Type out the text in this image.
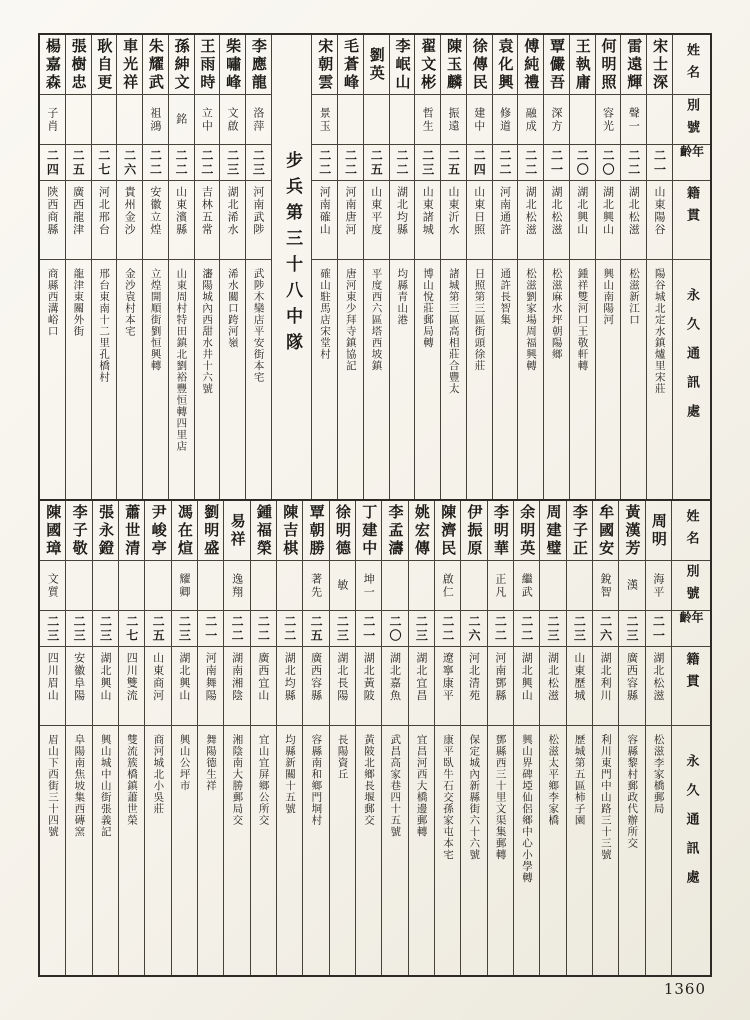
姓名
別號
年齡
籍貫
永久通訊處
宋士深
二一
山東陽谷
陽谷城北定水鎮爐里宋莊
雷遠輝
聲一
二二
湖北松滋
松滋新江口
何明照
容光
二〇
湖北興山
興山南陽河
王執庸
二〇
湖北興山
鍾祥雙河口王敬軒轉
覃儼吾
深方
二一
湖北松滋
松滋麻水坪朝陽鄉
傅純禮
融成
二二
湖北松滋
松滋劉家場周福興轉
袁化興
修道
二二
河南通許
通許長智集
徐傳民
建中
二四
山東日照
日照第三區街頭徐莊
陳玉麟
振遠
二五
山東沂水
諸城第三區高相莊合豐太
翟文彬
哲生
二三
山東諸城
博山悅莊郵局轉
李岷山
二二
湖北均縣
均縣青山港
劉英
二五
山東平度
平度西六區塔西坡鎮
毛蒼峰
二二
河南唐河
唐河東少拜寺鎮協記
宋朝雲
景玉
二二
河南確山
確山駐馬店宋堂村
步兵第三十八中隊
李應龍
洛萍
二三
河南武陟
武陟木欒店平安街本宅
柴嘯峰
文啟
二三
湖北浠水
浠水關口跨河嶺
王雨時
立中
二二
吉林五常
瀋陽城內西甜水井十六號
孫紳文
銘
二二
山東濱縣
山東周村特田鎮北劉裕豐恒轉四里店
朱耀武
祖鴻
二二
安徽立煌
立煌開順街劉恒興轉
車光祥
二六
貴州金沙
金沙袁村本宅
耿自更
二七
河北邢台
邢台東南十二里孔橋村
張樹忠
二五
廣西龍津
龍津東關外街
楊嘉森
子肖
二四
陝西商縣
商縣西溝峪口
姓名
別號
年齡
籍貫
永久通訊處
周明
海平
二一
湖北松滋
松滋李家橋郵局
黃漢芳
漢
二三
廣西容縣
容縣黎村郵政代辦所交
牟國安
銳智
二六
湖北利川
利川東門中山路三十三號
李子正
二三
山東歷城
歷城第五區柿子園
周建璧
二三
湖北松滋
松滋太平鄉李家橋
余明英
繼武
二二
湖北興山
興山界碑埡仙侶鄉中心小學轉
李明華
正凡
二二
河南鄧縣
鄧縣西三十里文渠集郵轉
伊振原
二六
河北清苑
保定城內新縣街六十六號
陳濟民
啟仁
二二
遼寧康平
康平臥牛石交孫家屯本宅
姚宏傳
二三
湖北宜昌
宜昌河西大橋邊郵轉
李孟濤
二〇
湖北嘉魚
武昌高家巷四十五號
丁建中
坤一
二一
湖北黃陂
黃陂北鄉長堰郵交
徐明德
敏
二三
湖北長陽
長陽資丘
覃朝勝
著先
二五
廣西容縣
容縣南和鄉門垌村
陳吉棋
二二
湖北均縣
均縣新關十五號
鍾福榮
二二
廣西宜山
宜山宜屏鄉公所交
易祥
逸翔
二二
湖南湘陰
湘陰南大勝郵局交
劉明盛
二一
河南舞陽
舞陽德生祥
馮在煊
耀卿
二三
湖北興山
興山公坪市
尹峻亭
二五
山東商河
商河城北小吳莊
蕭世清
二七
四川雙流
雙流簇橋鎮蕭世榮
張永鐙
二三
湖北興山
興山城中山街張義記
李子敬
二三
安徽阜陽
阜陽南焦坡集西磚窯
陳國璋
文質
二三
四川眉山
眉山下西街三十四號
1360
